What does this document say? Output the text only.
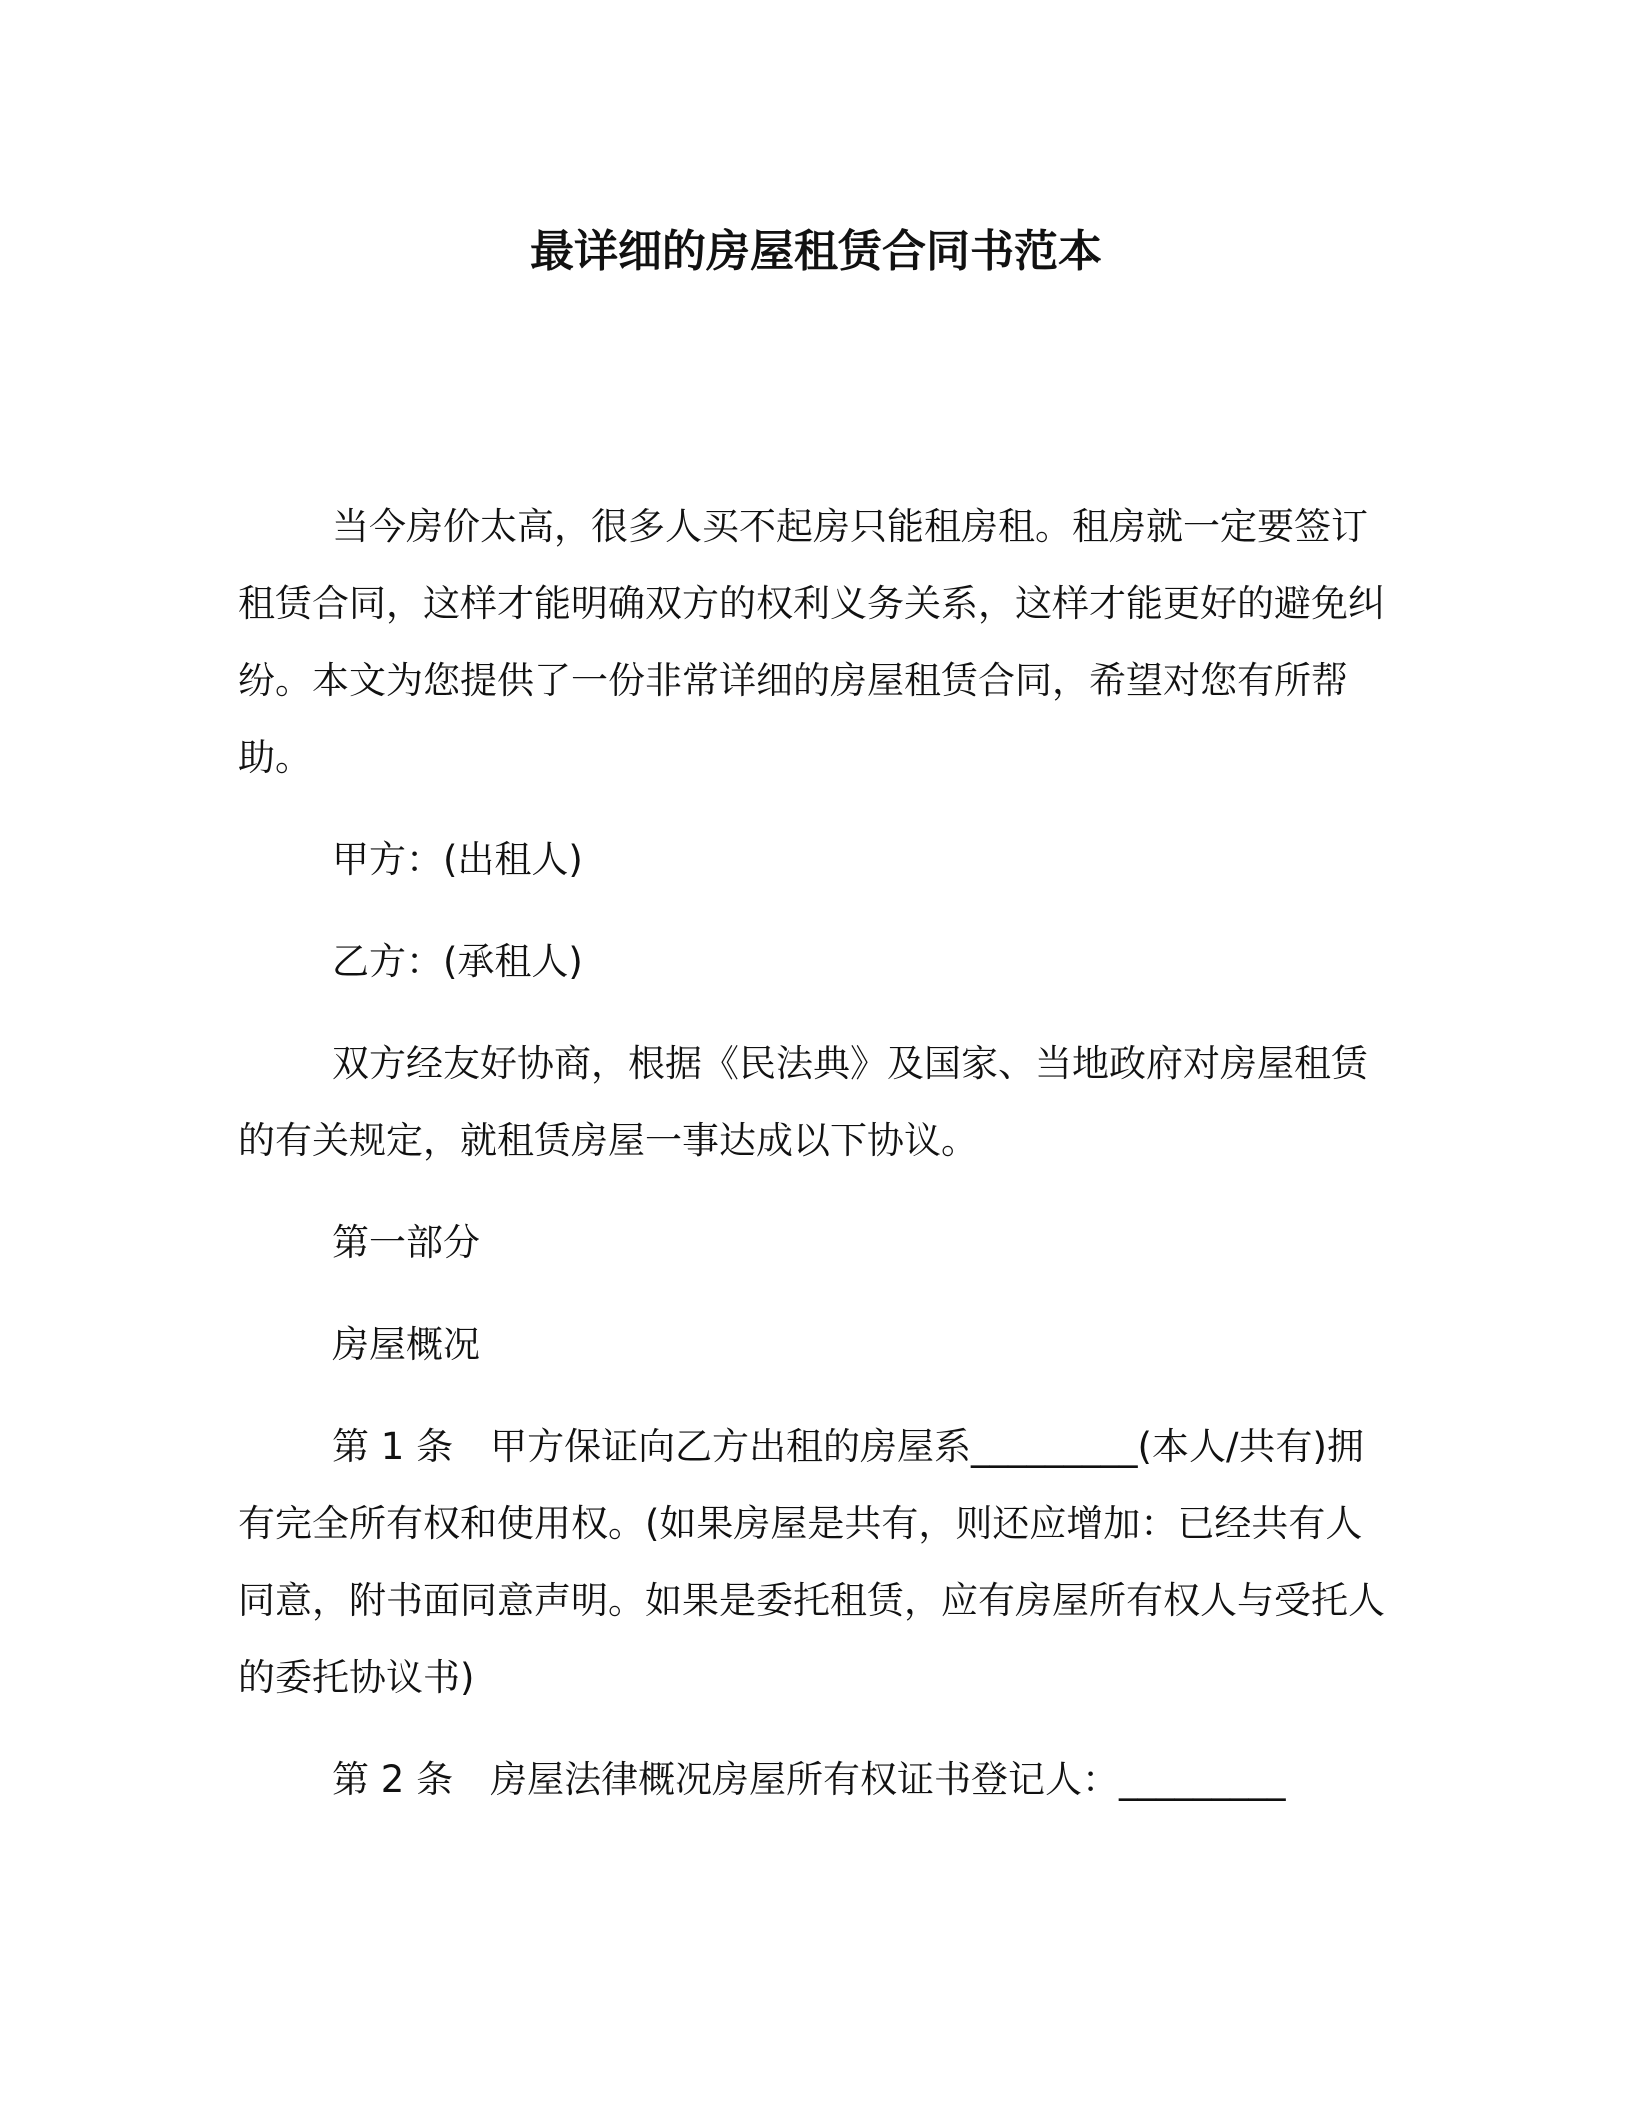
最详细的房屋租赁合同书范本

当今房价太高，很多人买不起房只能租房租。租房就一定要签订租赁合同，这样才能明确双方的权利义务关系，这样才能更好的避免纠纷。本文为您提供了一份非常详细的房屋租赁合同，希望对您有所帮助。

甲方：(出租人)

乙方：(承租人)

双方经友好协商，根据《民法典》及国家、当地政府对房屋租赁的有关规定，就租赁房屋一事达成以下协议。

第一部分

房屋概况

第 1 条　甲方保证向乙方出租的房屋系_________(本人/共有)拥有完全所有权和使用权。(如果房屋是共有，则还应增加：已经共有人同意，附书面同意声明。如果是委托租赁，应有房屋所有权人与受托人的委托协议书)

第 2 条　房屋法律概况房屋所有权证书登记人：_________
